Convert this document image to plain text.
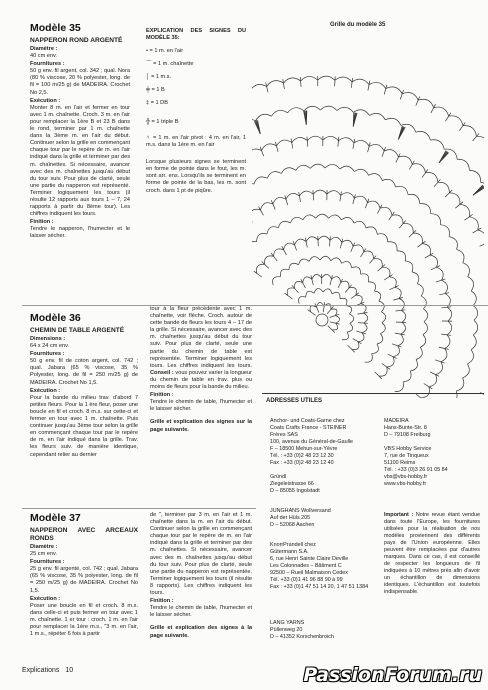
Modèle 35
NAPPERON ROND ARGENTÉ
Diamètre :
40 cm env.
Fournitures :
50 g env. fil argent, col. 342 ; qual. Nora (80 % viscose, 20 % polyester, long. de fil = 100 m/25 g) de MADEIRA. Crochet No 2,5.
Exécution :
Monter 8 m. en l'air et fermer en tour avec 1 m. chaînette. Croch. 3 m. en l'air pour remplacer la 1ère B et 23 B dans le rond, terminer par 1 m. chaînette dans la 3ème m. en l'air du début. Continuer selon la grille en commençant chaque tour par le repère de m. en l'air indiqué dans la grille et terminer par des m. chaînettes. Si nécessaire, avancer avec des m. chaînettes jusqu'au début du tour suiv. Pour plus de clarté, seule une partie du napperon est représenté. Terminer logiquement les tours (il résulte 12 rapports aux tours 1 – 7, 24 rapports à partir du 8ème tour). Les chiffres indiquent les tours.
Finition :
Tendre le napperon, l'humecter et le laisser sécher.
EXPLICATION DES SIGNES DU MODÈLE 35:
• = 1 m. en l'air
⌒ = 1 m. chaînette
│ = 1 m.s.
╪ = 1 B
‡ = 1 DB
╬ = 1 triple B
♀ = 1 m. en l'air pivot : 4 m. en l'air, 1 m.s. dans la 1ère m. en l'air
Lorsque plusieurs signes se terminent en forme de pointe dans le fout, les m. sont arr. ens. Lorsqu'ils se terminent en forme de pointe de la bas, les m. sont croch. dans 1 pt de piqûre.
Grille du modèle 35
Modèle 36
CHEMIN DE TABLE ARGENTÉ
Dimensions :
64 x 24 cm env.
Fournitures :
50 g env. fil de coton argent, col. 742 ; qual. Jabara (65 % viscose, 35 % Polyester, long. de fil = 250 m/25 g) de MADEIRA. Crochet No 1,5.
Exécution :
Pour la bande du milieu trav. d'abord 7 petites fleurs. Pour la 1 ère fleur, poser une boucle en fil et croch. 8 m.s. sur cette-ci et fermer en tour avec 1 m. chaînette. Puis continuer jusqu'au 3ème tour selon la grille en commençant chaque tour par le repère de m. en l'air indiqué dans la grille. Trav. les fleurs suiv. de manière identique, cependant relier au dernier
tour à la fleur précédente avec 1 m. chaînette, voir flèche. Croch. autour de cette bande de fleurs les tours 4 – 17 de la grille. Si nécessaire, avancer avec des m. chaînettes jusqu'au début du tour suiv. Pour plus de clarté, seule une partie du chemin de table est représentée. Terminer logiquement les tours. Les chiffres indiquent les tours. Conseil : vous pouvez varier la longueur du chemin de table en trav. plus ou moins de fleurs pour la bande du milieu.
Finition :
Tendre le chemin de table, l'humecter et le laisser sécher.
Grille et explication des signes sur la page suivante.
Modèle 37
NAPPERON AVEC ARCEAUX RONDS
Diamètre :
25 cm env.
Fournitures :
25 g env. fil argenté, col. 742 ; qual. Jabara (65 % viscose, 35 % polyester, long. de fil = 250 m/25 g) de MADEIRA. Crochet No 1,5.
Exécution :
Poser une boucle en fil et croch. 8 m.s. dans celle-ci et puis fermer en tour avec 1 m. chaînette. 1 er tour : croch. 1 m. en l'air pour remplacer la 1ère m.s., "3 m. en l'air, 1 m.s., répéter 6 fois à partir
de ", terminer par 3 m. en l'air et 1 m. chaînette dans la m. en l'air du début. Continuer selon la grille en commençant chaque tour par le repère de m. en l'air indiqué dans la grille et terminer par des m. chaînettes. Si nécessaire, avancer avec des m. chaînettes jusqu'au début du tour suiv. Pour plus de clarté, seule une partie du napperon est représentée. Terminer logiquement les tours (il résulte 8 rapports). Les chiffres indiquent les tours.
Finition :
Tendre le chemin de table, l'humecter et le laisser sécher.
Grille et explication des signes à la page suivante.
ADRESSES UTILES
Anchor- und Coats-Garne chez
Coats Crafts France - STEINER
Frères SAS
100, avenue du Général-de-Gaulle
F – 18500 Mehun-sur-Yèvre
Tél. : +33 (0)2 48 23 12 30
Fax : +33 (0)2 48 23 12 40
Gründl
Ziegeleistrasse 66
D – 85055 Ingolstadt
JUNGHANS Wollversand
Auf der Hüls 205
D – 52068 Aachen
KnorrPrandell chez
Gütermann S.A.
6, rue Henri Sainte Claire Deville
Les Colonnades – Bâtiment C
92500 – Rueil Malmaison Cedex
Tél. +33 (0)1 41 96 88 90 à 99
Fax : +33 (0)1 47 51 14 20, 1 47 51 1384
LANG YARNS
Püllenweg 20
D – 41352 Korschenbroich
MADEIRA
Hans-Bunte-Str. 8
D – 79108 Freiburg
VBS Hobby Service
7, rue de Tinqueux
51100 Reims
Tél. : +33 (0)3 26 91 05 84
vbs@vbs-hobby.fr
www.vbs-hobby.fr
Important : Notre revue étant vendue dans toute l'Europe, les fournitures utilisées pour la réalisation de nos modèles proviennent des différents pays de l'Union européenne. Elles peuvent être remplacées par d'autres marques. Dans ce cas, il est conseillé de respecter les longueurs de fil indiquées à 10 mètres près afin d'avoir un échantillon de dimensions identiques. L'échantillon est toutefois indispensable.
Explications 10	PassionForum.ru
